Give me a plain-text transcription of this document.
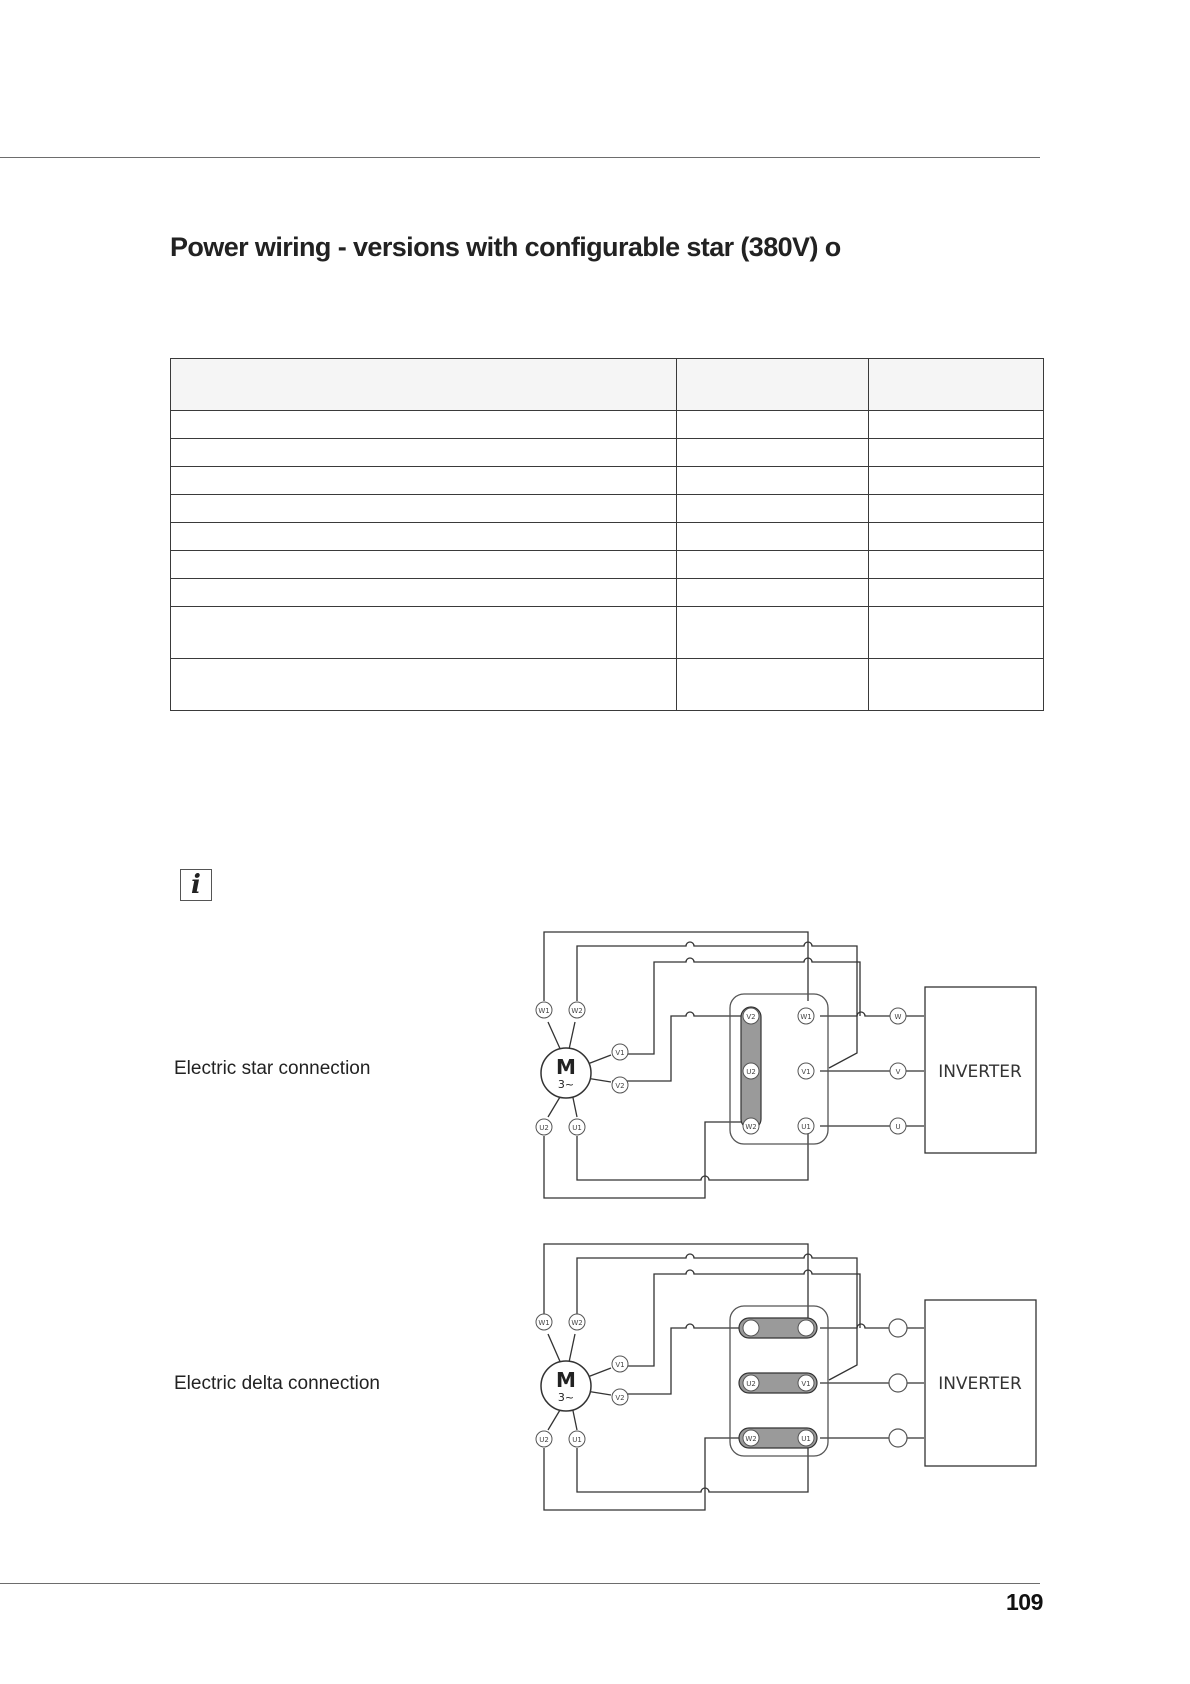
Power wiring - versions with configurable star (380V) o

i
Electric star connection
Electric delta connection
M
3~
W1	W2
V1
V2
U2	U1
V2	W1
U2	V1
W2	U1
W
V
U
INVERTER
M
3~
W1	W2
V1
V2
U2	U1
U2	V1
W2	U1
INVERTER
109
